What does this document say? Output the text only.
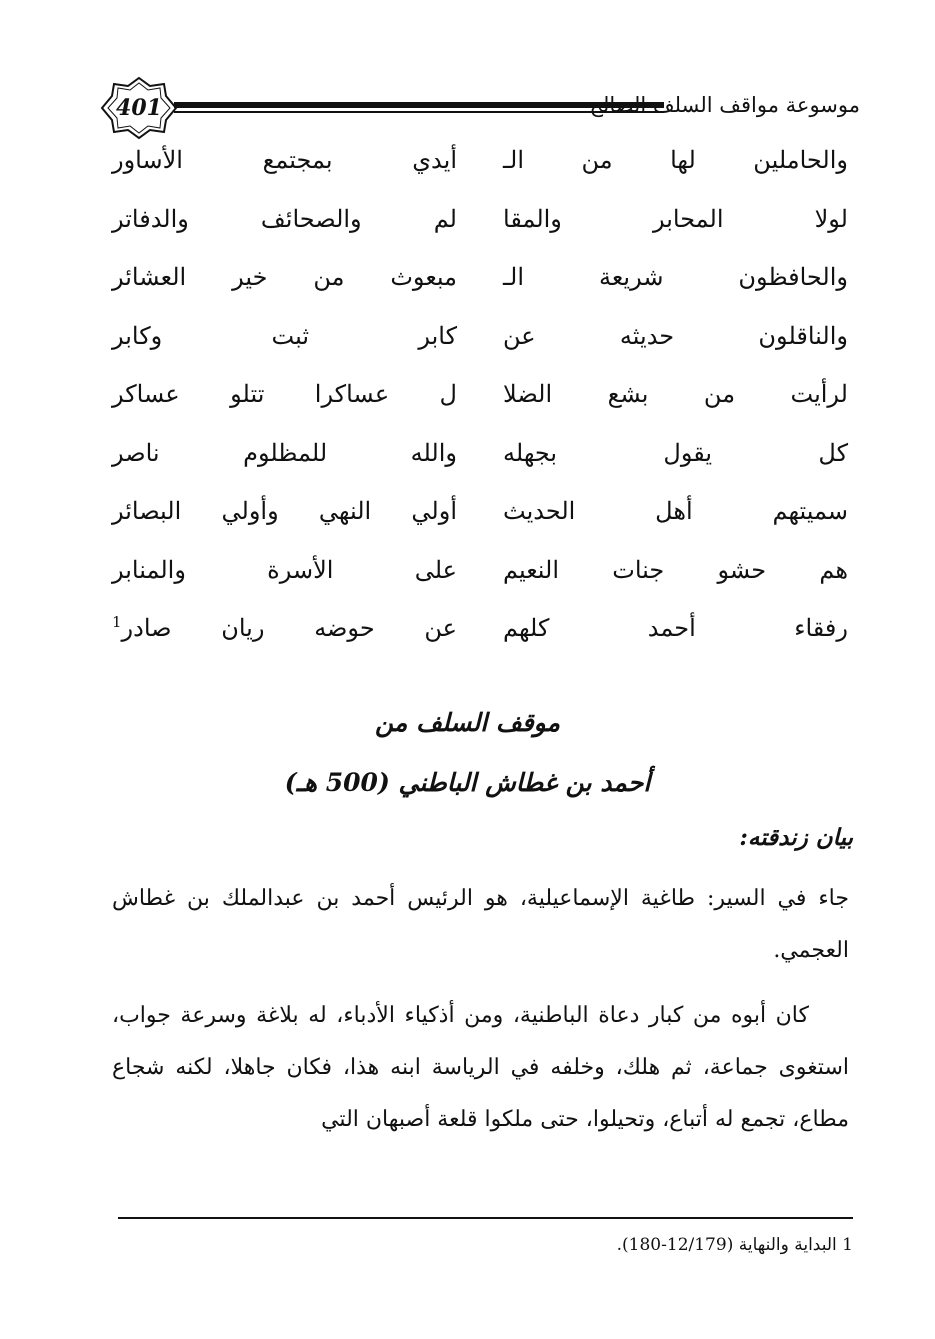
401	موسوعة مواقف السلف الصالح
والحاملين لها من الـ
أيدي بمجتمع الأساور
لولا المحابر والمقا
لم والصحائف والدفاتر
والحافظون شريعة الـ
مبعوث من خير العشائر
والناقلون حديثه عن
كابر ثبت وكابر
لرأيت من بشع الضلا
ل عساكرا تتلو عساكر
كل يقول بجهله
والله للمظلوم ناصر
سميتهم أهل الحديث
أولي النهي وأولي البصائر
هم حشو جنات النعيم
على الأسرة والمنابر
رفقاء أحمد كلهم
عن حوضه ريان صادر$^1$
موقف السلف من
أحمد بن غطاش الباطني (500 هـ)
بيان زندقته:
جاء في السير: طاغية الإسماعيلية، هو الرئيس أحمد بن عبدالملك بن غطاش العجمي.
كان أبوه من كبار دعاة الباطنية، ومن أذكياء الأدباء، له بلاغة وسرعة جواب، استغوى جماعة، ثم هلك، وخلفه في الرياسة ابنه هذا، فكان جاهلا، لكنه شجاع مطاع، تجمع له أتباع، وتحيلوا، حتى ملكوا قلعة أصبهان التي
1 البداية والنهاية (12/179-180).
